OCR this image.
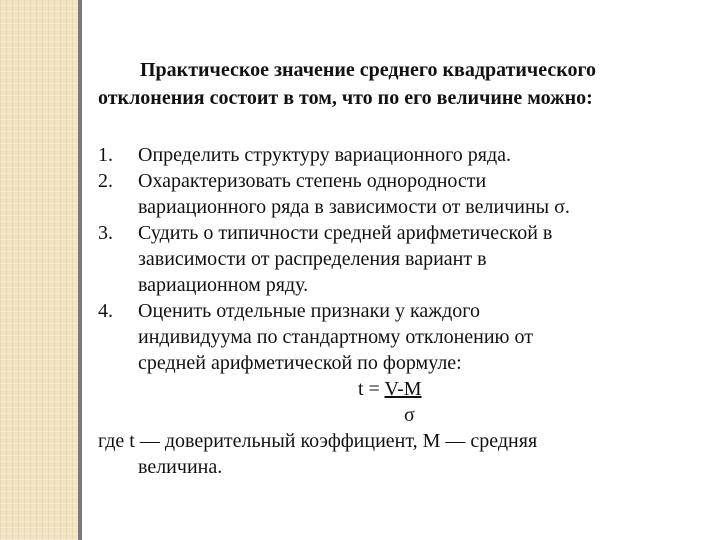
Практическое значение среднего квадратического
отклонения состоит в том, что по его величине можно:
1.	Определить структуру вариационного ряда.
2.	Охарактеризовать степень однородности
вариационного ряда в зависимости от величины σ.
3.	Судить о типичности средней арифметической в
зависимости от распределения вариант в
вариационном ряду.
4.	Оценить отдельные признаки у каждого
индивидуума по стандартному отклонению от
средней арифметической по формуле:
t = V-M
σ
где t — доверительный коэффициент, М — средняя
величина.
